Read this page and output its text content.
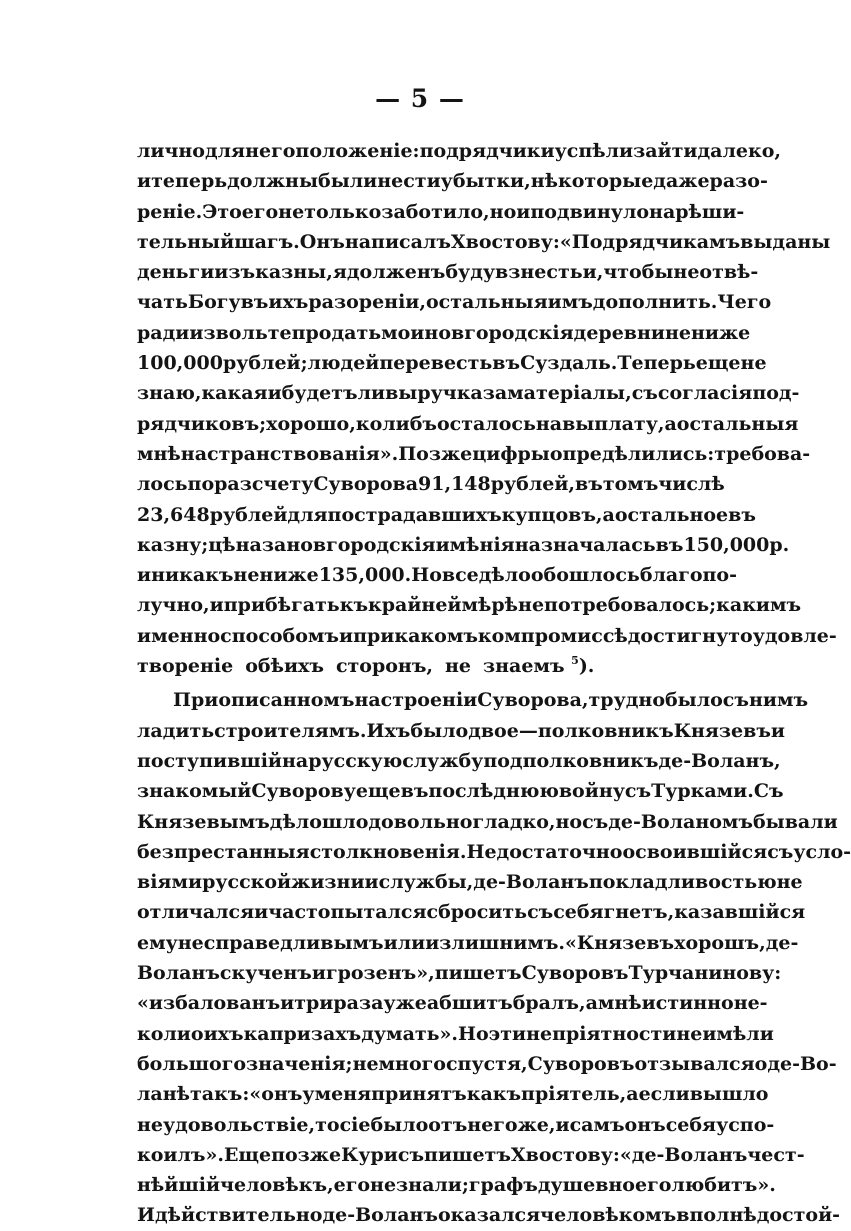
— 5 —
лично для него положеніе: подрядчики успѣли зайти далеко,
и теперь должны были нести убытки, нѣкоторые даже разо-
реніе. Это его не только заботило, но и подвинуло на рѣши-
тельный шагъ. Онъ написалъ Хвостову: «Подрядчикамъ выданы
деньги изъ казны, я долженъ буду взнесть и, чтобы не отвѣ-
чать Богу въ ихъ разореніи, остальныя имъ дополнить. Чего
ради извольте продать мои новгородскія деревни не ниже
100,000 рублей; людей перевесть въ Суздаль. Теперь еще не
знаю, какая и будетъ ли выручка за матеріалы, съ согласія под-
рядчиковъ; хорошо, коли бъ осталось на выплату, а остальныя
мнѣ на странствованія». Позже цифры опредѣлились: требова-
лось по разсчету Суворова 91,148 рублей, въ томъ числѣ
23,648 рублей для пострадавшихъ купцовъ, а остальное въ
казну; цѣна за новгородскія имѣнія назначалась въ 150,000 р.
и никакъ не ниже 135,000. Но все дѣло обошлось благопо-
лучно, и прибѣгать къ крайней мѣрѣ не потребовалось; какимъ
именно способомъ и при какомъ компромиссѣ достигнуто удовле-
твореніе обѣихъ сторонъ, не знаемъ $^5$).
При описанномъ настроеніи Суворова, трудно было съ нимъ
ладить строителямъ. Ихъ было двое — полковникъ Князевъ и
поступившій на русскую службу подполковникъ де-Воланъ,
знакомый Суворову еще въ послѣднюю войну съ Турками. Съ
Князевымъ дѣло шло довольно гладко, но съ де-Воланомъ бывали
безпрестанныя столкновенія. Недостаточно освоившійся съ усло-
віями русской жизни и службы, де-Воланъ покладливостью не
отличался и часто пытался сбросить съ себя гнетъ, казавшійся
ему несправедливымъ или излишнимъ. «Князевъ хорошъ, де-
Воланъ скученъ и грозенъ», пишетъ Суворовъ Турчанинову:
«избалованъ и три раза уже абшитъ бралъ, а мнѣ истинно не-
коли о ихъ капризахъ думать». Но эти непріятности не имѣли
большого значенія; немного спустя, Суворовъ отзывался о де-Во-
ланѣ такъ: «онъ у меня принятъ какъ пріятель, а если вышло
неудовольствіе, то сіе было отъ него же, и самъ онъ себя успо-
коилъ». Еще позже Курисъ пишетъ Хвостову: «де-Воланъ чест-
нѣйшій человѣкъ, его не знали; графъ душевно его любитъ».
И дѣйствительно де-Воланъ оказался человѣкомъ вполнѣ достой-
